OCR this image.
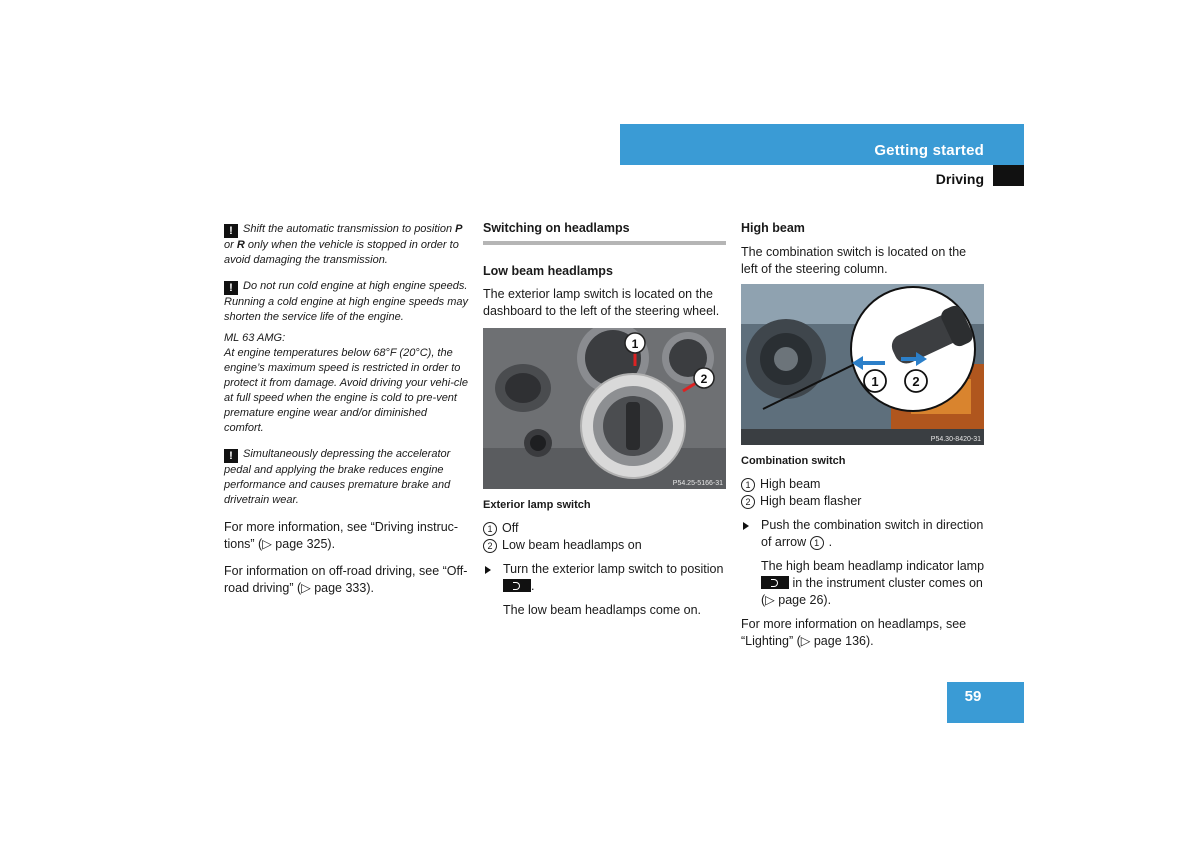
Getting started
Driving

! Shift the automatic transmission to position P or R only when the vehicle is stopped in order to avoid damaging the transmission.

! Do not run cold engine at high engine speeds. Running a cold engine at high engine speeds may shorten the service life of the engine.

ML 63 AMG:

At engine temperatures below 68°F (20°C), the engine’s maximum speed is restricted in order to protect it from damage. Avoid driving your vehi-cle at full speed when the engine is cold to pre-vent premature engine wear and/or diminished comfort.

! Simultaneously depressing the accelerator pedal and applying the brake reduces engine performance and causes premature brake and drivetrain wear.

For more information, see “Driving instruc-tions” (▷ page 325).

For information on off-road driving, see “Off-road driving” (▷ page 333).

Switching on headlamps
Low beam headlamps

The exterior lamp switch is located on the dashboard to the left of the steering wheel.

1
2
P54.25-5166-31
Exterior lamp switch
1 Off
2 Low beam headlamps on
Turn the exterior lamp switch to position .
The low beam headlamps come on.
High beam

The combination switch is located on the left of the steering column.

1	2
P54.30-8420-31
Combination switch
1 High beam
2 High beam flasher
Push the combination switch in direction of arrow 1 .
The high beam headlamp indicator lamp  in the instrument cluster comes on (▷ page 26).

For more information on headlamps, see “Lighting” (▷ page 136).

59
